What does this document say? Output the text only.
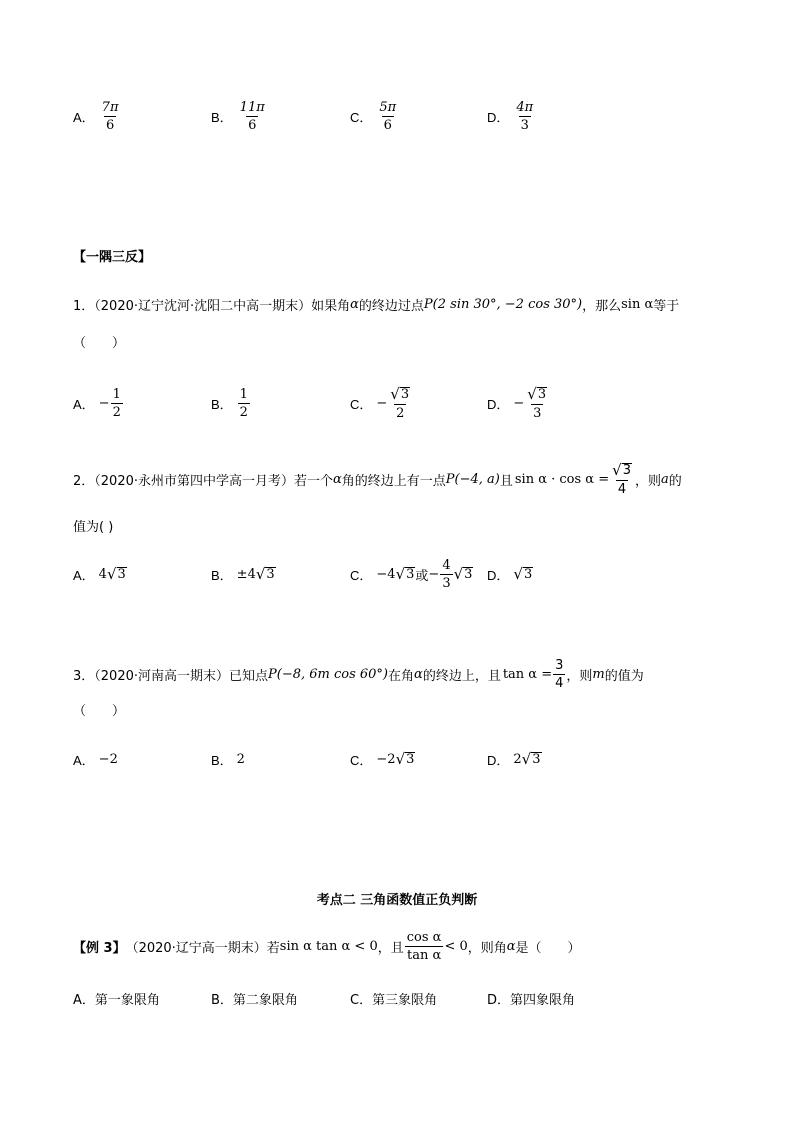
A． $\frac{7\pi}{6}$	B． $\frac{11\pi}{6}$	C． $\frac{5\pi}{6}$	D． $\frac{4\pi}{3}$
【一隅三反】
1．（2020·辽宁沈河·沈阳二中高一期末）如果角 α 的终边过点 P(2 sin 30°, −2 cos 30°) ，那么 sin α 等于
（　　）
A． − $\frac{1}{2}$	B． $\frac{1}{2}$	C． − $\frac{√ 3}{2}$	D． − $\frac{√ 3}{3}$
2．（2020·永州市第四中学高一月考）若一个 α 角的终边上有一点 P(−4, a) 且 $\sin \alpha \cdot \cos \alpha = \frac{√ 3}{4}$ ，则 a 的
值为( )
A． 4 √ 3	B． ±4 √ 3	C． −4 √ 3 或 − $\frac{4}{3}$ √ 3 D． √ 3
3．（2020·河南高一期末）已知点 P(−8, 6m cos 60°) 在角 α 的终边上，且 $\tan \alpha = \frac{3}{4}$ ，则 m 的值为
（　　）
A． −2	B． 2	C． −2 √ 3	D． 2 √ 3
考点二 三角函数值正负判断
【例 3】 （2020·辽宁高一期末）若 sin α tan α < 0 ，且 $\frac{\text{cos α}}{\text{tan α}} < 0$ ，则角 α 是（　　）
A．第一象限角	B．第二象限角	C．第三象限角	D．第四象限角
